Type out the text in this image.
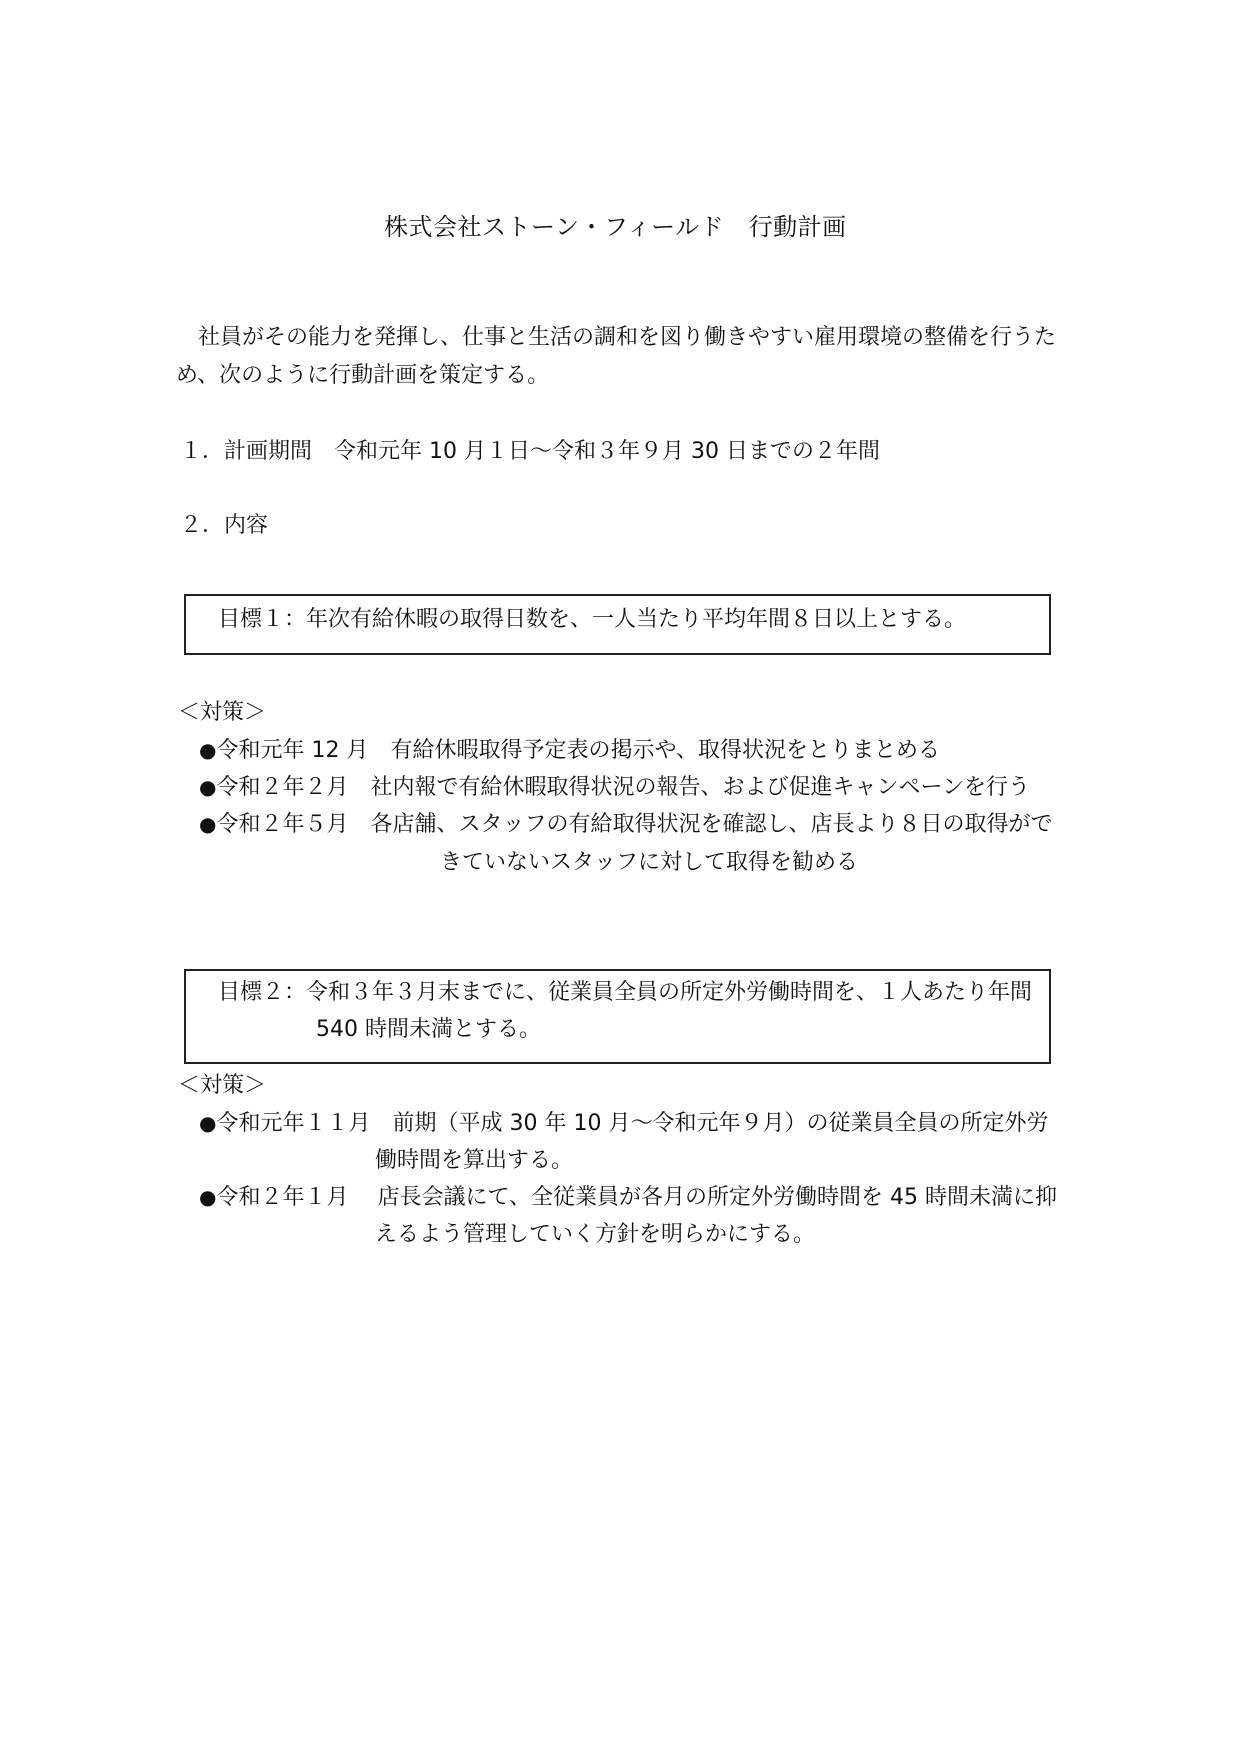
株式会社ストーン・フィールド　行動計画
　社員がその能力を発揮し、仕事と生活の調和を図り働きやすい雇用環境の整備を行うた
め、次のように行動計画を策定する。
１．計画期間　令和元年 10 月１日～令和３年９月 30 日までの２年間
２．内容
目標１：年次有給休暇の取得日数を、一人当たり平均年間８日以上とする。
＜対策＞
●令和元年 12 月　 有給休暇取得予定表の掲示や、取得状況をとりまとめる
●令和２年２月　 社内報で有給休暇取得状況の報告、および促進キャンペーンを行う
●令和２年５月　 各店舗、スタッフの有給取得状況を確認し、店長より８日の取得がで
きていないスタッフに対して取得を勧める
目標２：令和３年３月末までに、従業員全員の所定外労働時間を、１人あたり年間
540 時間未満とする。
＜対策＞
●令和元年１１月　 前期（平成 30 年 10 月～令和元年９月）の従業員全員の所定外労
働時間を算出する。
●令和２年１月　 店長会議にて、全従業員が各月の所定外労働時間を 45 時間未満に抑
えるよう管理していく方針を明らかにする。
